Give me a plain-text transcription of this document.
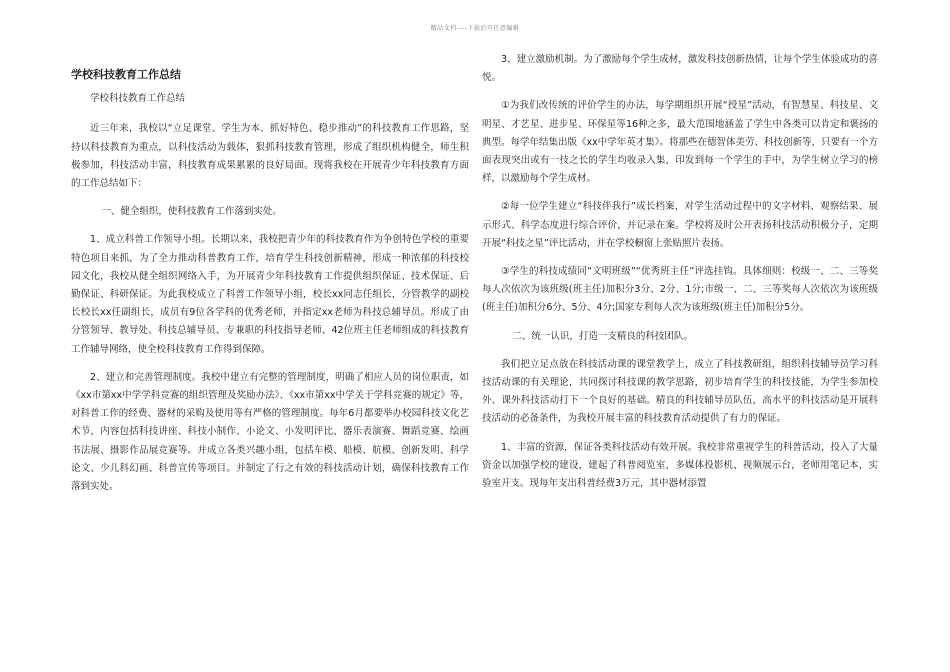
精品文档----下载后可任意编辑

学校科技教育工作总结

学校科技教育工作总结

近三年来，我校以“立足课堂、学生为本、抓好特色、稳步推动”的科技教育工作思路，坚持以科技教育为重点，以科技活动为载体，狠抓科技教育管理，形成了组织机构健全，师生积极参加，科技活动丰富，科技教育成果累累的良好局面。现将我校在开展青少年科技教育方面的工作总结如下：

一、健全组织，使科技教育工作落到实处。

1、成立科普工作领导小组。长期以来，我校把青少年的科技教育作为争创特色学校的重要特色项目来抓，为了全力推动科普教育工作，培育学生科技创新精神，形成一种浓郁的科技校园文化，我校从健全组织网络入手，为开展青少年科技教育工作提供组织保证、技术保证、后勤保证、科研保证。为此我校成立了科普工作领导小组，校长xx同志任组长，分管教学的副校长校长xx任副组长，成员有9位各学科的优秀老师，并指定xx老师为科技总辅导员。形成了由分管领导、教导处、科技总辅导员、专兼职的科技指导老师、42位班主任老师组成的科技教育工作辅导网络，使全校科技教育工作得到保障。

2、建立和完善管理制度。我校中建立有完整的管理制度，明确了相应人员的岗位职责，如《xx市第xx中学学科竞赛的组织管理及奖励办法》、《xx市第xx中学关于学科竞赛的规定》等，对科普工作的经费、器材的采购及使用等有严格的管理制度。每年6月都要举办校园科技文化艺术节，内容包括科技讲座、科技小制作、小论文、小发明评比、器乐表演赛、舞蹈竞赛、绘画书法展、摄影作品展竞赛等。并成立各类兴趣小组，包括车模、船模、航模、创新发明、科学论文、少儿科幻画、科普宣传等项目。并制定了行之有效的科技活动计划，确保科技教育工作落到实处。

3、建立激励机制。为了激励每个学生成材，激发科技创新热情，让每个学生体验成功的喜悦。

①为我们改传统的评价学生的办法，每学期组织开展“授星”活动，有智慧星、科技星、文明星、才艺星、进步星、环保星等16种之多，最大范围地涵盖了学生中各类可以肯定和褒扬的典型。每学年结集出版《xx中学年英才集》。将那些在德智体美劳、科技创新等，只要有一个方面表现突出或有一技之长的学生均收录入集，印发到每一个学生的手中，为学生树立学习的榜样，以激励每个学生成材。

②每一位学生建立“科技伴我行”成长档案，对学生活动过程中的文字材料、观察结果、展示形式、科学态度进行综合评价，并记录在案。学校将及时公开表扬科技活动积极分子，定期开展“科技之星”评比活动，并在学校橱窗上张贴照片表扬。

③学生的科技成绩同“文明班级”“优秀班主任”评选挂钩。具体细则：校级一、二、三等奖每人次依次为该班级(班主任)加积分3分、2分、1分;市级一、二、三等奖每人次依次为该班级(班主任)加积分6分、5分、4分;国家专利每人次为该班级(班主任)加积分5分。

二、统一认识，打造一支精良的科技团队。

我们把立足点放在科技活动课的课堂教学上，成立了科技教研组，组织科技辅导员学习科技活动课的有关理论，共同探讨科技课的教学思路，初步培育学生的科技技能，为学生参加校外、课外科技活动打下一个良好的基础。精良的科技辅导员队伍，高水平的科技活动是开展科技活动的必备条件，为我校开展丰富的科技教育活动提供了有力的保证。

1、丰富的资源，保证各类科技活动有效开展。我校非常重视学生的科普活动，投入了大量资金以加强学校的建设，建起了科普阅览室，多媒体投影机、视频展示台，老师用笔记本，实验室开支。现每年支出科普经费3万元，其中器材添置
